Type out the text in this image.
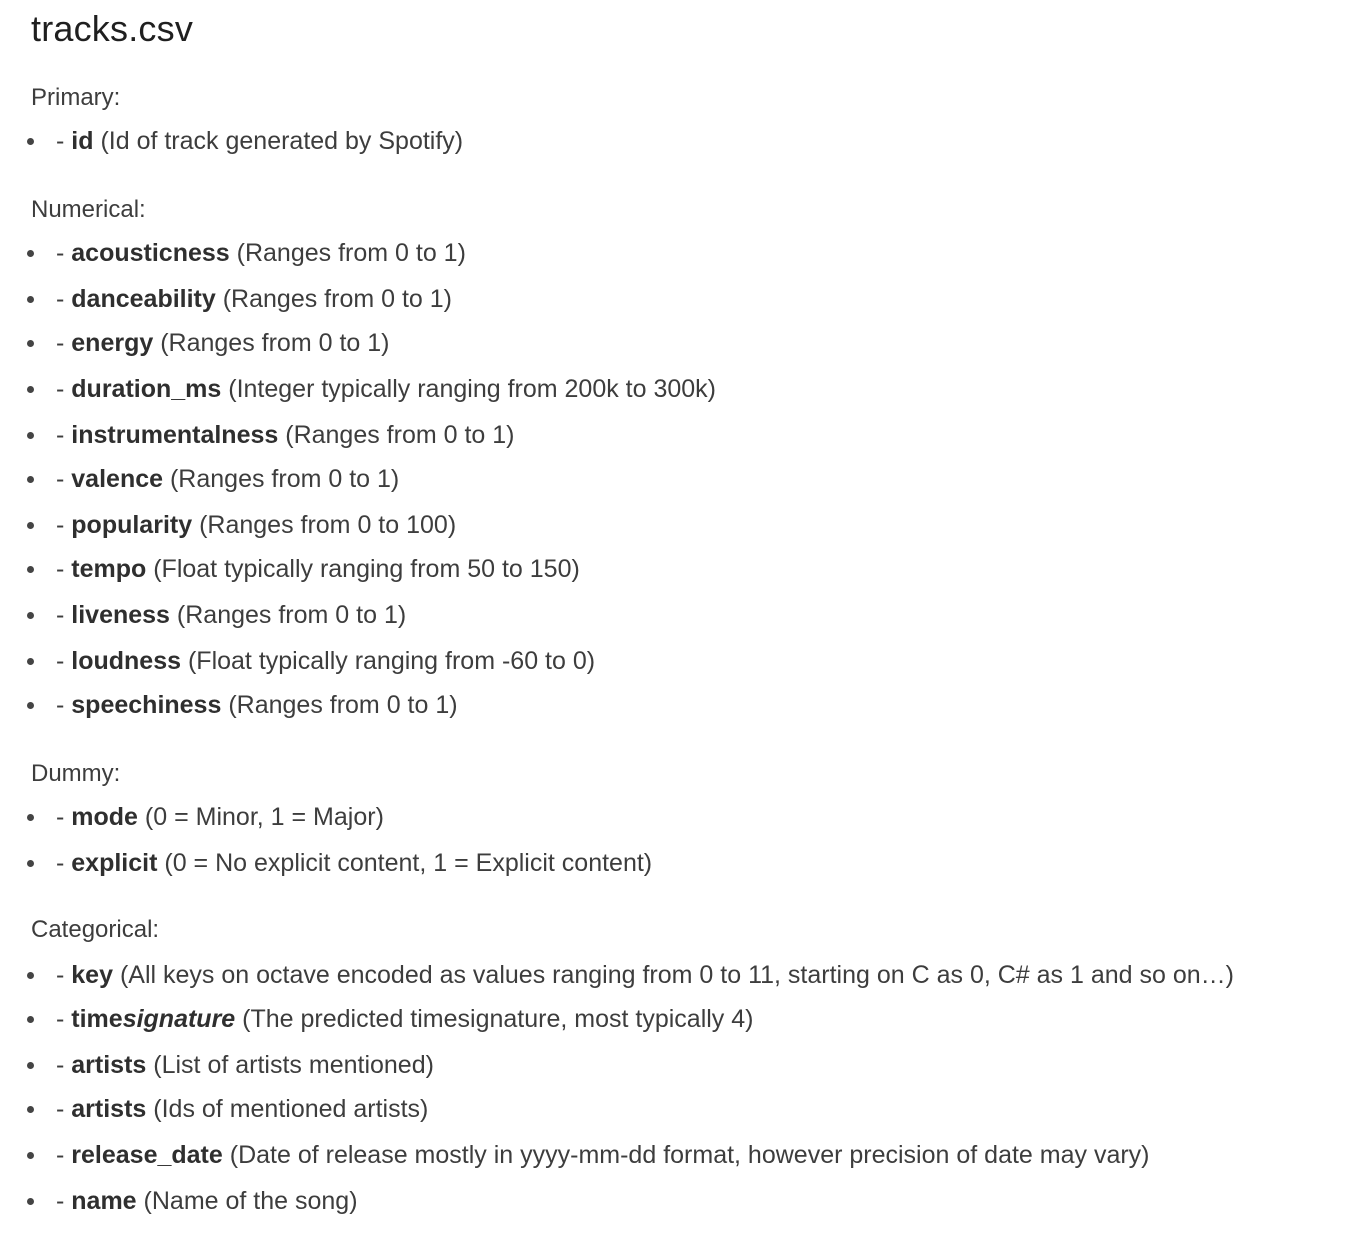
tracks.csv
Primary:
- id (Id of track generated by Spotify)
Numerical:
- acousticness (Ranges from 0 to 1)
- danceability (Ranges from 0 to 1)
- energy (Ranges from 0 to 1)
- duration_ms (Integer typically ranging from 200k to 300k)
- instrumentalness (Ranges from 0 to 1)
- valence (Ranges from 0 to 1)
- popularity (Ranges from 0 to 100)
- tempo (Float typically ranging from 50 to 150)
- liveness (Ranges from 0 to 1)
- loudness (Float typically ranging from -60 to 0)
- speechiness (Ranges from 0 to 1)
Dummy:
- mode (0 = Minor, 1 = Major)
- explicit (0 = No explicit content, 1 = Explicit content)
Categorical:
- key (All keys on octave encoded as values ranging from 0 to 11, starting on C as 0, C# as 1 and so on…)
- timesignature (The predicted timesignature, most typically 4)
- artists (List of artists mentioned)
- artists (Ids of mentioned artists)
- release_date (Date of release mostly in yyyy-mm-dd format, however precision of date may vary)
- name (Name of the song)
